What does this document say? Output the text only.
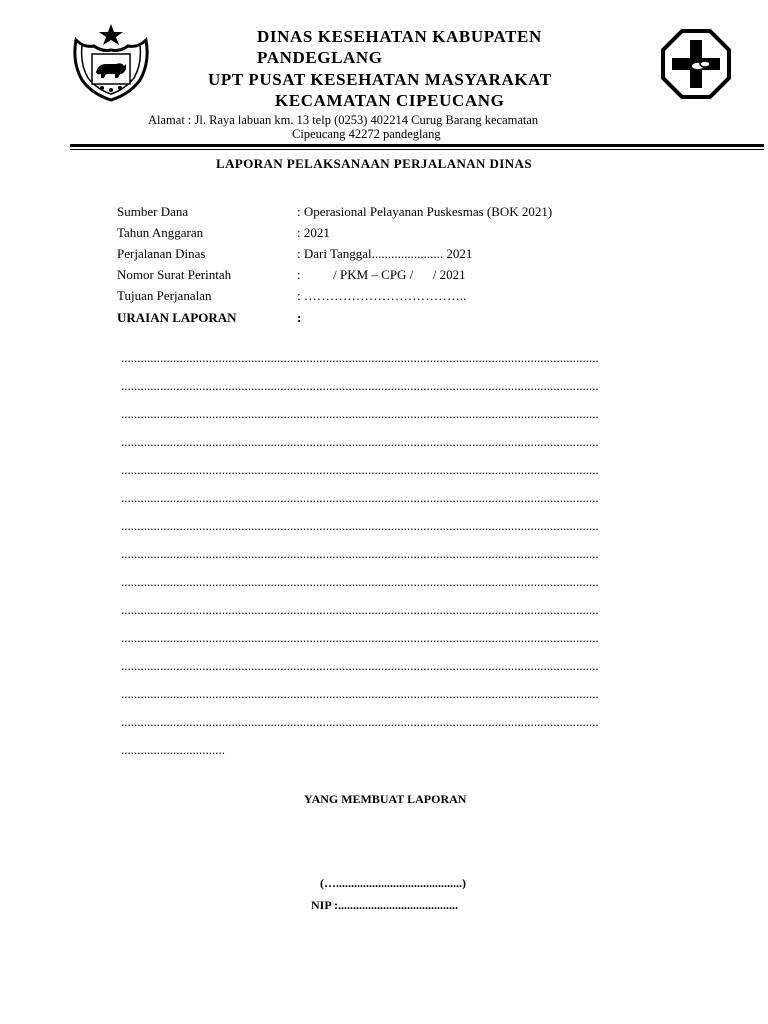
DINAS KESEHATAN KABUPATEN
PANDEGLANG
UPT PUSAT KESEHATAN MASYARAKAT
KECAMATAN CIPEUCANG
Alamat : Jl. Raya labuan km. 13 telp (0253) 402214 Curug Barang kecamatan
Cipeucang 42272 pandeglang
LAPORAN PELAKSANAAN PERJALANAN DINAS
Sumber Dana	: Operasional Pelayanan Puskesmas (BOK 2021)
Tahun Anggaran	: 2021
Perjalanan Dinas	: Dari Tanggal...................... 2021
Nomor Surat Perintah	:          / PKM – CPG /      / 2021
Tujuan Perjanalan	: ………………………………..
URAIAN LAPORAN	:
...................................................................................................................................................
...................................................................................................................................................
...................................................................................................................................................
...................................................................................................................................................
...................................................................................................................................................
...................................................................................................................................................
...................................................................................................................................................
...................................................................................................................................................
...................................................................................................................................................
...................................................................................................................................................
...................................................................................................................................................
...................................................................................................................................................
...................................................................................................................................................
...................................................................................................................................................
................................
YANG MEMBUAT LAPORAN
(…..........................................)
NIP :........................................
